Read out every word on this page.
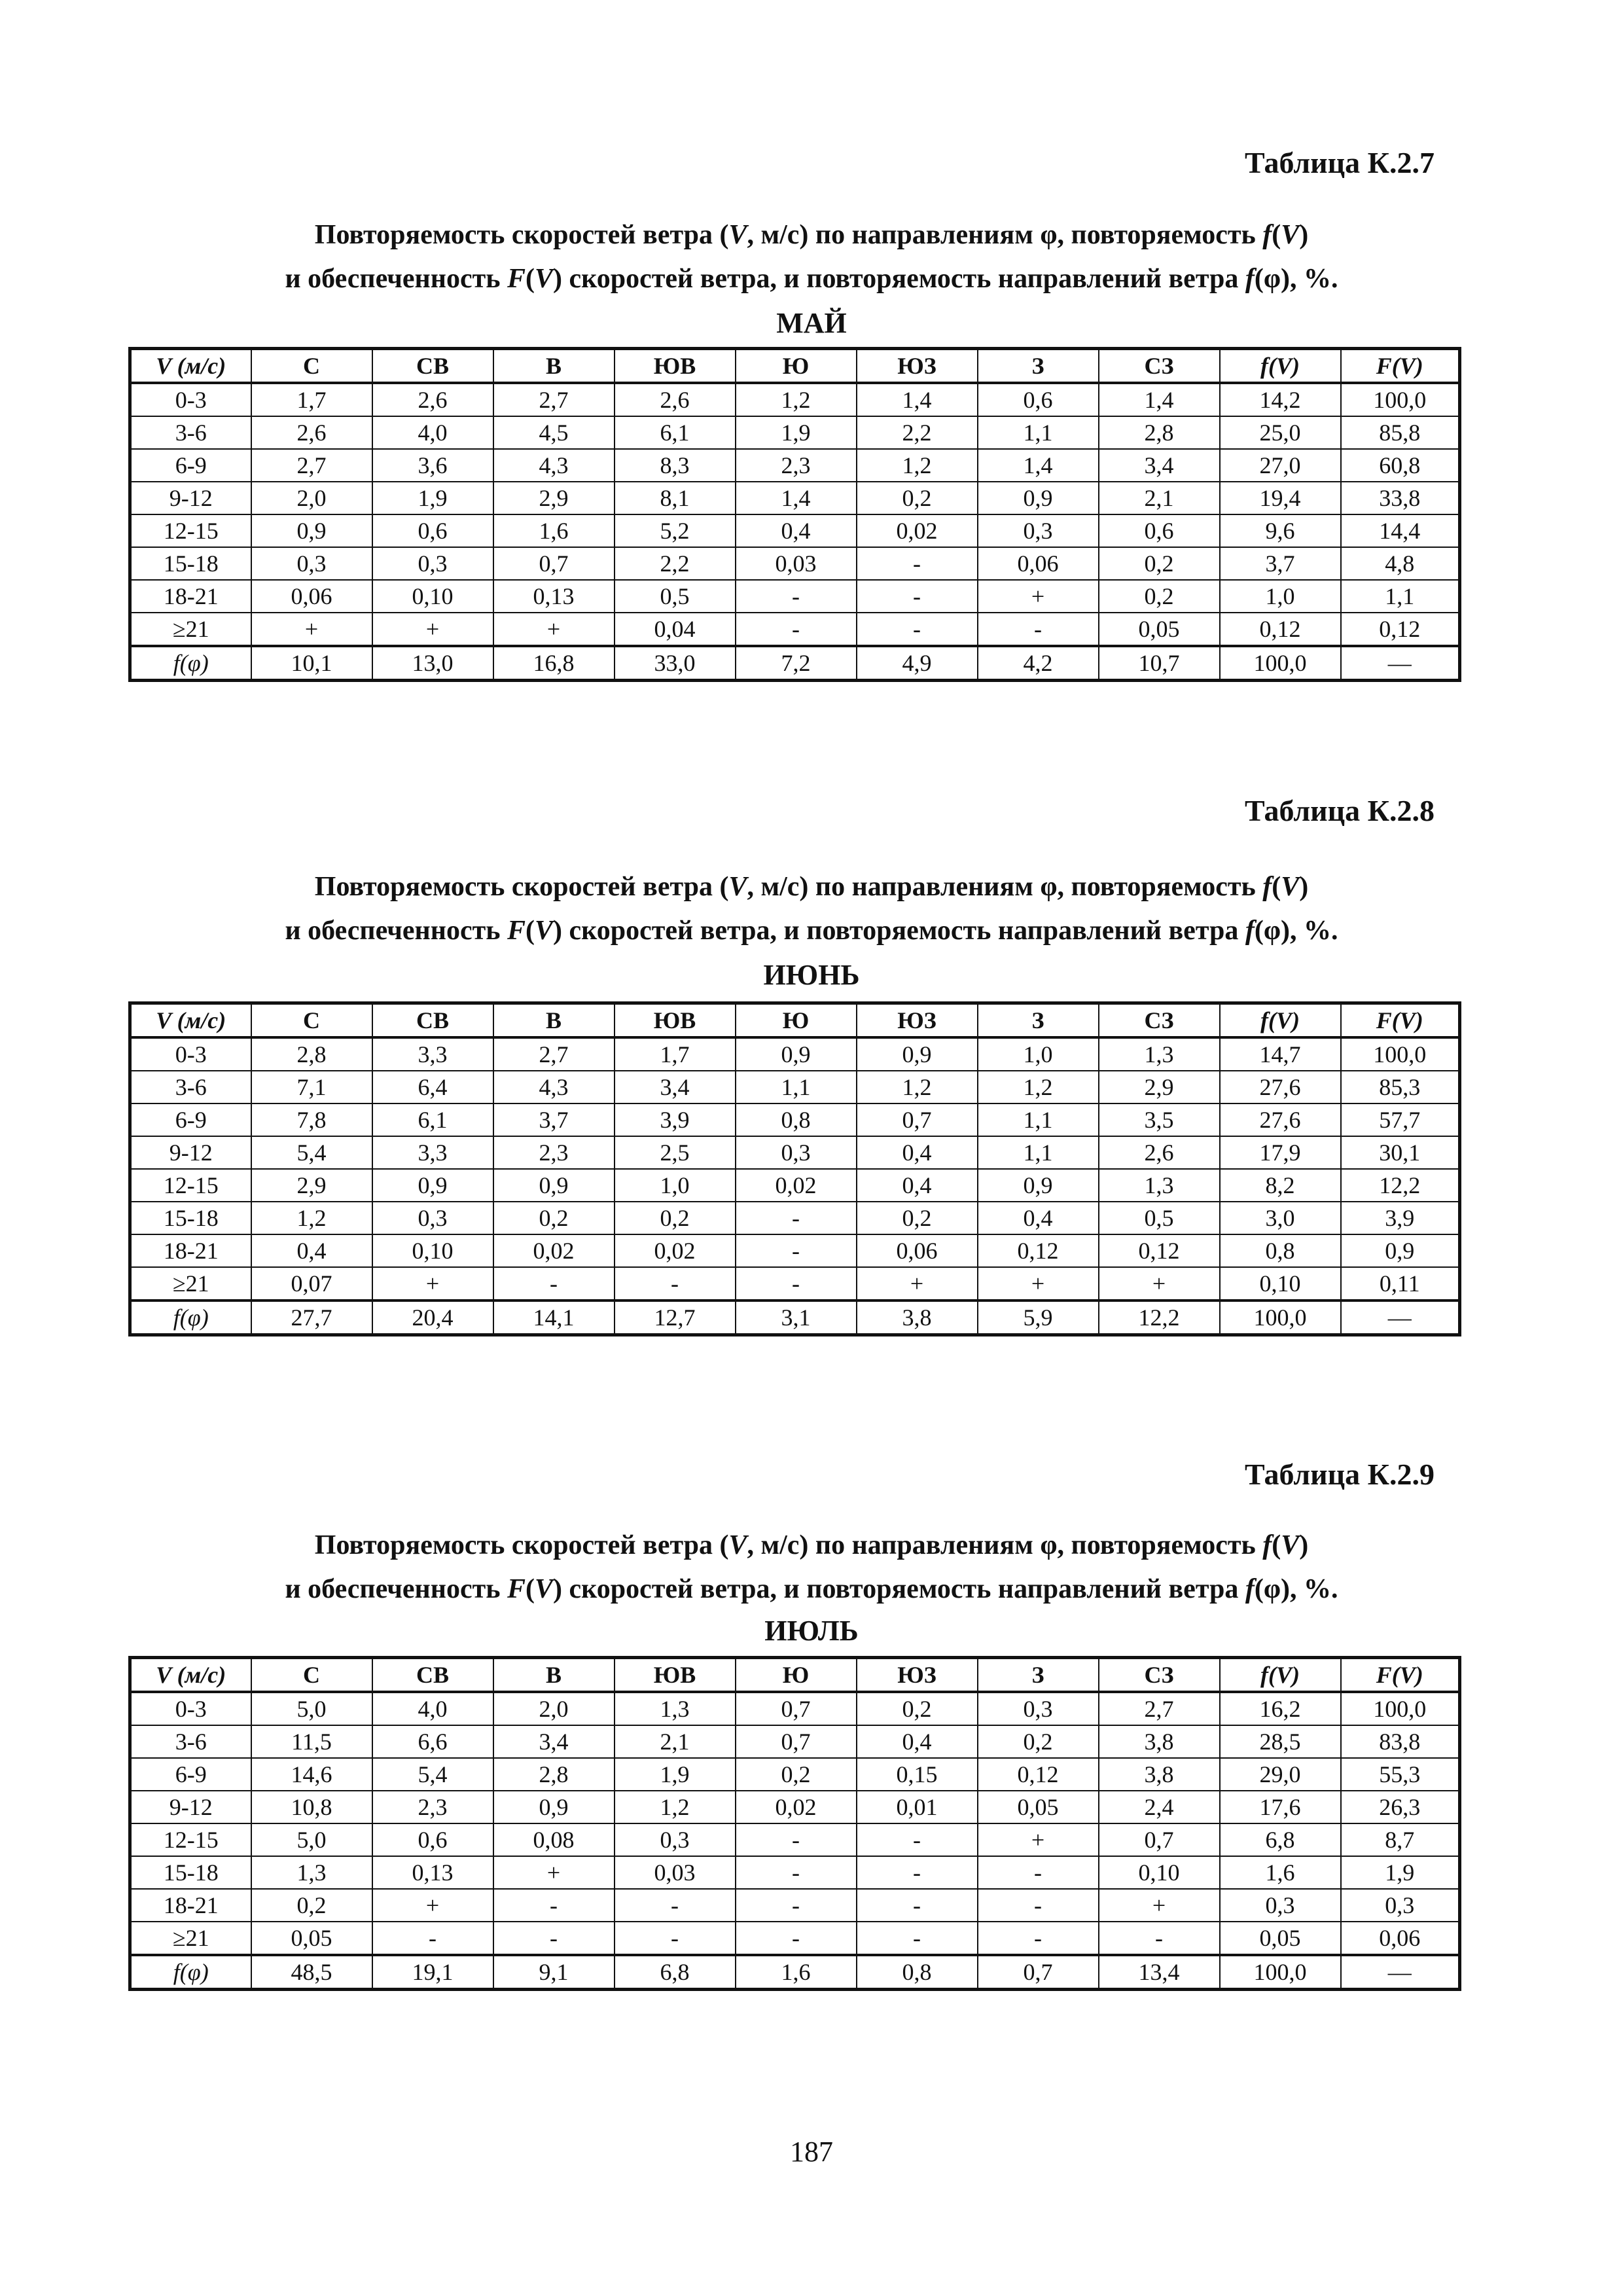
Таблица К.2.7
Повторяемость скоростей ветра (V, м/с) по направлениям φ, повторяемость f(V)
и обеспеченность F(V) скоростей ветра, и повторяемость направлений ветра f(φ), %.
МАЙ
V (м/с)	С	СВ	В	ЮВ	Ю	ЮЗ	З	СЗ	f(V)	F(V)
0-3	1,7	2,6	2,7	2,6	1,2	1,4	0,6	1,4	14,2	100,0
3-6	2,6	4,0	4,5	6,1	1,9	2,2	1,1	2,8	25,0	85,8
6-9	2,7	3,6	4,3	8,3	2,3	1,2	1,4	3,4	27,0	60,8
9-12	2,0	1,9	2,9	8,1	1,4	0,2	0,9	2,1	19,4	33,8
12-15	0,9	0,6	1,6	5,2	0,4	0,02	0,3	0,6	9,6	14,4
15-18	0,3	0,3	0,7	2,2	0,03	-	0,06	0,2	3,7	4,8
18-21	0,06	0,10	0,13	0,5	-	-	+	0,2	1,0	1,1
≥21	+	+	+	0,04	-	-	-	0,05	0,12	0,12
f(φ)	10,1	13,0	16,8	33,0	7,2	4,9	4,2	10,7	100,0	—
Таблица К.2.8
Повторяемость скоростей ветра (V, м/с) по направлениям φ, повторяемость f(V)
и обеспеченность F(V) скоростей ветра, и повторяемость направлений ветра f(φ), %.
ИЮНЬ
V (м/с)	С	СВ	В	ЮВ	Ю	ЮЗ	З	СЗ	f(V)	F(V)
0-3	2,8	3,3	2,7	1,7	0,9	0,9	1,0	1,3	14,7	100,0
3-6	7,1	6,4	4,3	3,4	1,1	1,2	1,2	2,9	27,6	85,3
6-9	7,8	6,1	3,7	3,9	0,8	0,7	1,1	3,5	27,6	57,7
9-12	5,4	3,3	2,3	2,5	0,3	0,4	1,1	2,6	17,9	30,1
12-15	2,9	0,9	0,9	1,0	0,02	0,4	0,9	1,3	8,2	12,2
15-18	1,2	0,3	0,2	0,2	-	0,2	0,4	0,5	3,0	3,9
18-21	0,4	0,10	0,02	0,02	-	0,06	0,12	0,12	0,8	0,9
≥21	0,07	+	-	-	-	+	+	+	0,10	0,11
f(φ)	27,7	20,4	14,1	12,7	3,1	3,8	5,9	12,2	100,0	—
Таблица К.2.9
Повторяемость скоростей ветра (V, м/с) по направлениям φ, повторяемость f(V)
и обеспеченность F(V) скоростей ветра, и повторяемость направлений ветра f(φ), %.
ИЮЛЬ
V (м/с)	С	СВ	В	ЮВ	Ю	ЮЗ	З	СЗ	f(V)	F(V)
0-3	5,0	4,0	2,0	1,3	0,7	0,2	0,3	2,7	16,2	100,0
3-6	11,5	6,6	3,4	2,1	0,7	0,4	0,2	3,8	28,5	83,8
6-9	14,6	5,4	2,8	1,9	0,2	0,15	0,12	3,8	29,0	55,3
9-12	10,8	2,3	0,9	1,2	0,02	0,01	0,05	2,4	17,6	26,3
12-15	5,0	0,6	0,08	0,3	-	-	+	0,7	6,8	8,7
15-18	1,3	0,13	+	0,03	-	-	-	0,10	1,6	1,9
18-21	0,2	+	-	-	-	-	-	+	0,3	0,3
≥21	0,05	-	-	-	-	-	-	-	0,05	0,06
f(φ)	48,5	19,1	9,1	6,8	1,6	0,8	0,7	13,4	100,0	—
187
